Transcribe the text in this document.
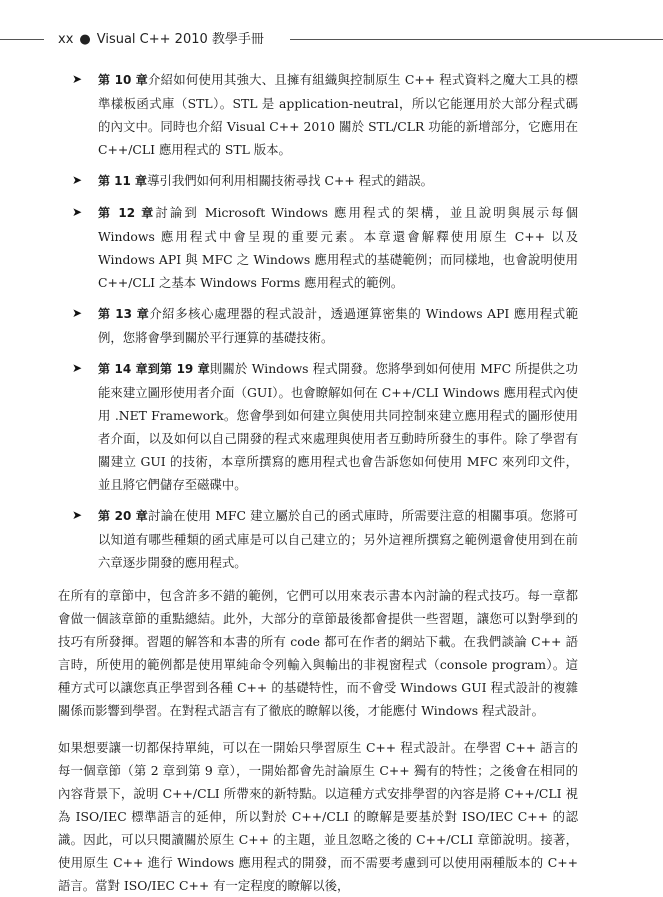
xx ● Visual C++ 2010 教學手冊
➤ 第 10 章介紹如何使用其強大、且擁有組織與控制原生 C++ 程式資料之魔大工具的標準樣板函式庫（STL）。STL 是 application-neutral，所以它能運用於大部分程式碼的內文中。同時也介紹 Visual C++ 2010 關於 STL/CLR 功能的新增部分，它應用在 C++/CLI 應用程式的 STL 版本。
➤ 第 11 章導引我們如何利用相關技術尋找 C++ 程式的錯誤。
➤ 第 12 章討論到 Microsoft Windows 應用程式的架構，並且說明與展示每個 Windows 應用程式中會呈現的重要元素。本章還會解釋使用原生 C++ 以及 Windows API 與 MFC 之 Windows 應用程式的基礎範例；而同樣地，也會說明使用 C++/CLI 之基本 Windows Forms 應用程式的範例。
➤ 第 13 章介紹多核心處理器的程式設計，透過運算密集的 Windows API 應用程式範例，您將會學到關於平行運算的基礎技術。
➤ 第 14 章到第 19 章則關於 Windows 程式開發。您將學到如何使用 MFC 所提供之功能來建立圖形使用者介面（GUI）。也會瞭解如何在 C++/CLI Windows 應用程式內使用 .NET Framework。您會學到如何建立與使用共同控制來建立應用程式的圖形使用者介面，以及如何以自己開發的程式來處理與使用者互動時所發生的事件。除了學習有關建立 GUI 的技術，本章所撰寫的應用程式也會告訴您如何使用 MFC 來列印文件，並且將它們儲存至磁碟中。
➤ 第 20 章討論在使用 MFC 建立屬於自己的函式庫時，所需要注意的相關事項。您將可以知道有哪些種類的函式庫是可以自己建立的；另外這裡所撰寫之範例還會使用到在前六章逐步開發的應用程式。

在所有的章節中，包含許多不錯的範例，它們可以用來表示書本內討論的程式技巧。每一章都會做一個該章節的重點總結。此外，大部分的章節最後都會提供一些習題，讓您可以對學到的技巧有所發揮。習題的解答和本書的所有 code 都可在作者的網站下載。在我們談論 C++ 語言時，所使用的範例都是使用單純命令列輸入與輸出的非視窗程式（console program）。這種方式可以讓您真正學習到各種 C++ 的基礎特性，而不會受 Windows GUI 程式設計的複雜關係而影響到學習。在對程式語言有了徹底的瞭解以後，才能應付 Windows 程式設計。

如果想要讓一切都保持單純，可以在一開始只學習原生 C++ 程式設計。在學習 C++ 語言的每一個章節（第 2 章到第 9 章），一開始都會先討論原生 C++ 獨有的特性；之後會在相同的內容背景下，說明 C++/CLI 所帶來的新特點。以這種方式安排學習的內容是將 C++/CLI 視為 ISO/IEC 標準語言的延伸，所以對於 C++/CLI 的瞭解是要基於對 ISO/IEC C++ 的認識。因此，可以只閱讀關於原生 C++ 的主題，並且忽略之後的 C++/CLI 章節說明。接著，使用原生 C++ 進行 Windows 應用程式的開發，而不需要考慮到可以使用兩種版本的 C++ 語言。當對 ISO/IEC C++ 有一定程度的瞭解以後，
